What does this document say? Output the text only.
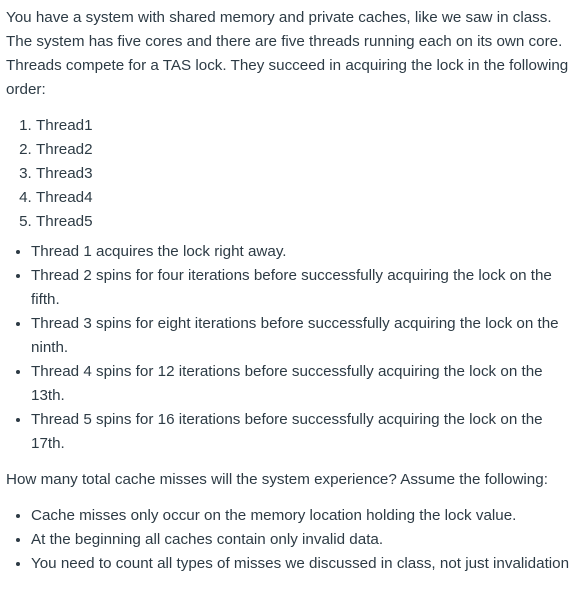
You have a system with shared memory and private caches, like we saw in class. The system has five cores and there are five threads running each on its own core. Threads compete for a TAS lock. They succeed in acquiring the lock in the following order:

1. Thread1
2. Thread2
3. Thread3
4. Thread4
5. Thread5
• Thread 1 acquires the lock right away.
• Thread 2 spins for four iterations before successfully acquiring the lock on the fifth.
• Thread 3 spins for eight iterations before successfully acquiring the lock on the ninth.
• Thread 4 spins for 12 iterations before successfully acquiring the lock on the 13th.
• Thread 5 spins for 16 iterations before successfully acquiring the lock on the 17th.

How many total cache misses will the system experience? Assume the following:

• Cache misses only occur on the memory location holding the lock value.
• At the beginning all caches contain only invalid data.
• You need to count all types of misses we discussed in class, not just invalidation
